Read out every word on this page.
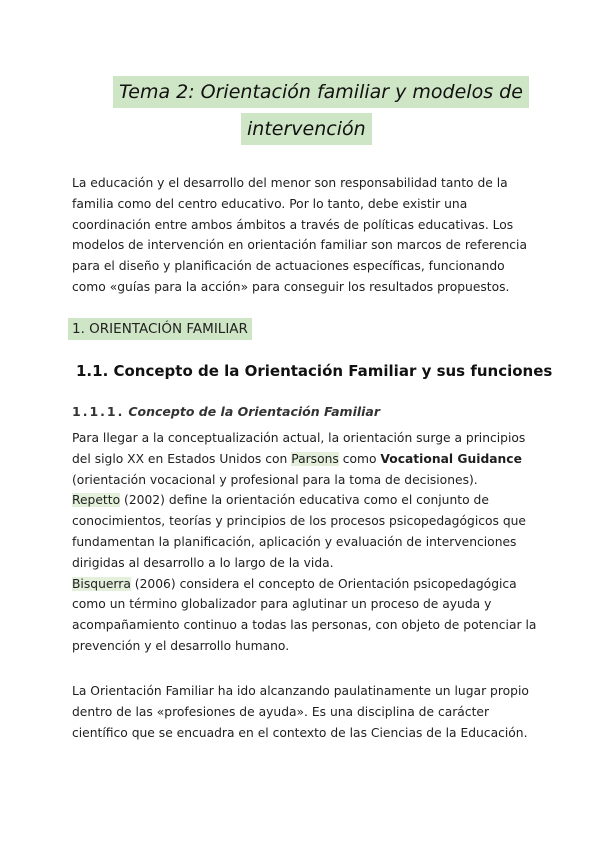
Tema 2: Orientación familiar y modelos de
intervención
La educación y el desarrollo del menor son responsabilidad tanto de la familia como del centro educativo. Por lo tanto, debe existir una coordinación entre ambos ámbitos a través de políticas educativas. Los modelos de intervención en orientación familiar son marcos de referencia para el diseño y planificación de actuaciones específicas, funcionando como «guías para la acción» para conseguir los resultados propuestos.
1. ORIENTACIÓN FAMILIAR
1.1. Concepto de la Orientación Familiar y sus funciones
1.1.1. Concepto de la Orientación Familiar
Para llegar a la conceptualización actual, la orientación surge a principios del siglo XX en Estados Unidos con Parsons como Vocational Guidance (orientación vocacional y profesional para la toma de decisiones).
Repetto (2002) define la orientación educativa como el conjunto de conocimientos, teorías y principios de los procesos psicopedagógicos que fundamentan la planificación, aplicación y evaluación de intervenciones dirigidas al desarrollo a lo largo de la vida.
Bisquerra (2006) considera el concepto de Orientación psicopedagógica como un término globalizador para aglutinar un proceso de ayuda y acompañamiento continuo a todas las personas, con objeto de potenciar la prevención y el desarrollo humano.
La Orientación Familiar ha ido alcanzando paulatinamente un lugar propio dentro de las «profesiones de ayuda». Es una disciplina de carácter científico que se encuadra en el contexto de las Ciencias de la Educación.
